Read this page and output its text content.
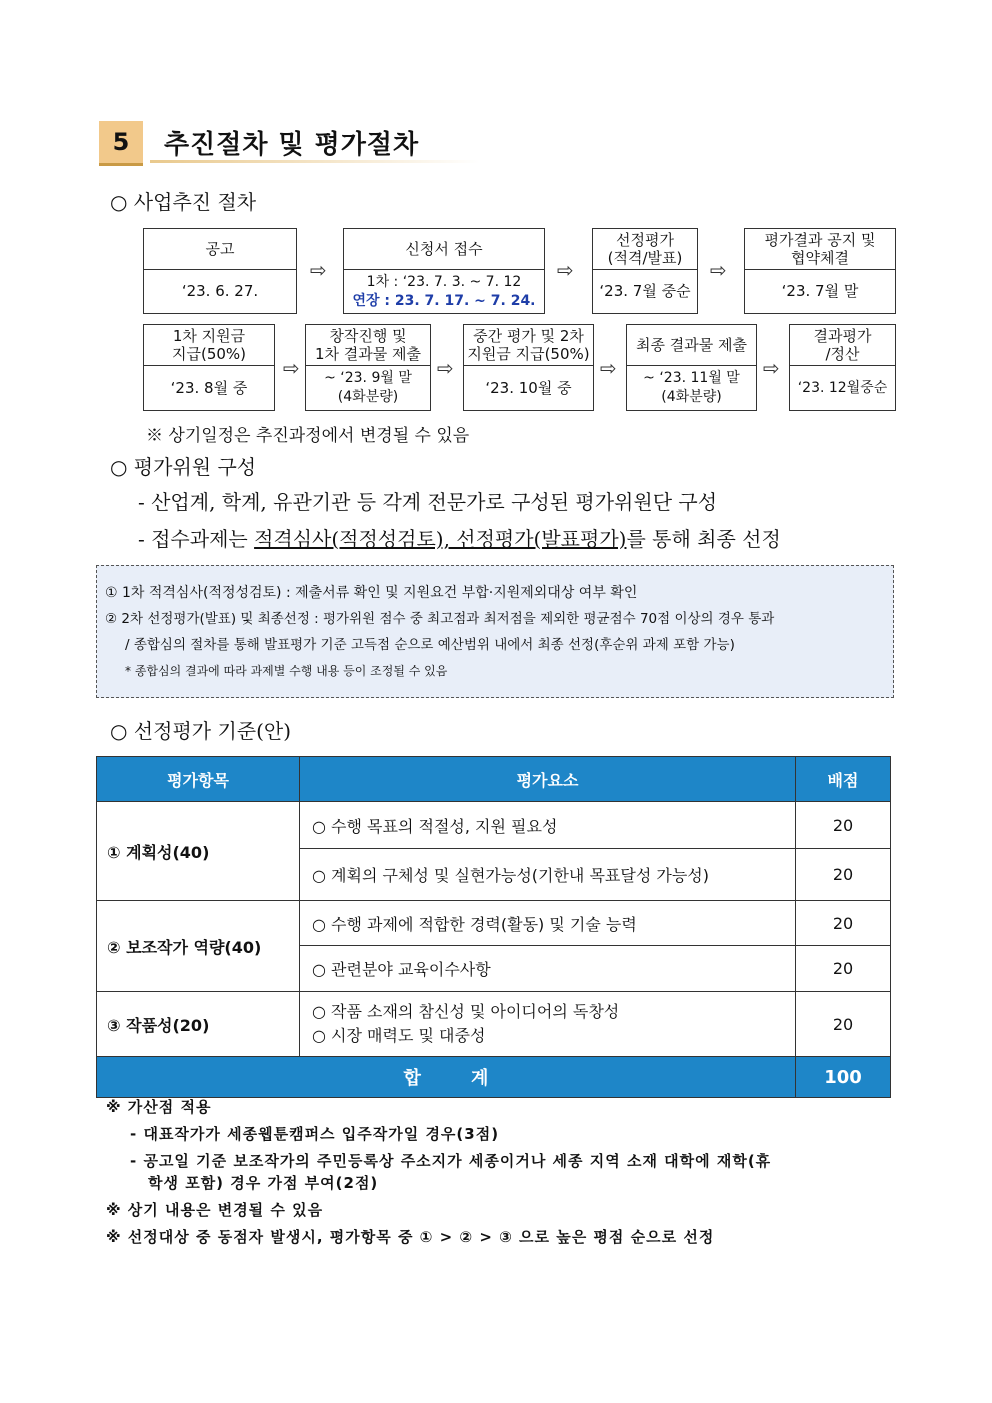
5	추진절차 및 평가절차
○ 사업추진 절차
공고
‘23. 6. 27.
⇨
신청서 접수
1차 : ‘23. 7. 3. ~ 7. 12
연장 : 23. 7. 17. ~ 7. 24.
⇨
선정평가
(적격/발표)
‘23. 7월 중순
⇨
평가결과 공지 및
협약체결
‘23. 7월 말
1차 지원금
지급(50%)
‘23. 8월 중
⇨
창작진행 및
1차 결과물 제출
~ ‘23. 9월 말
(4화분량)
⇨
중간 평가 및 2차
지원금 지급(50%)
‘23. 10월 중
⇨
최종 결과물 제출
~ ‘23. 11월 말
(4화분량)
⇨
결과평가
/정산
‘23. 12월중순
※ 상기일정은 추진과정에서 변경될 수 있음
○ 평가위원 구성
- 산업계, 학계, 유관기관 등 각계 전문가로 구성된 평가위원단 구성
- 접수과제는 적격심사(적정성검토), 선정평가(발표평가)를 통해 최종 선정
① 1차 적격심사(적정성검토) : 제출서류 확인 및 지원요건 부합·지원제외대상 여부 확인
② 2차 선정평가(발표) 및 최종선정 : 평가위원 점수 중 최고점과 최저점을 제외한 평균점수 70점 이상의 경우 통과
/ 종합심의 절차를 통해 발표평가 기준 고득점 순으로 예산범위 내에서 최종 선정(후순위 과제 포함 가능)
* 종합심의 결과에 따라 과제별 수행 내용 등이 조정될 수 있음
○ 선정평가 기준(안)
평가항목	평가요소	배점
① 계획성(40)	○ 수행 목표의 적절성, 지원 필요성	20
	○ 계획의 구체성 및 실현가능성(기한내 목표달성 가능성)	20
② 보조작가 역량(40)	○ 수행 과제에 적합한 경력(활동) 및 기술 능력	20
	○ 관련분야 교육이수사항	20
③ 작품성(20)	○ 작품 소재의 참신성 및 아이디어의 독창성
○ 시장 매력도 및 대중성	20
합        계		100
※ 가산점 적용
- 대표작가가 세종웹툰캠퍼스 입주작가일 경우(3점)
- 공고일 기준 보조작가의 주민등록상 주소지가 세종이거나 세종 지역 소재 대학에 재학(휴
학생 포함) 경우 가점 부여(2점)
※ 상기 내용은 변경될 수 있음
※ 선정대상 중 동점자 발생시, 평가항목 중 ① > ② > ③ 으로 높은 평점 순으로 선정
